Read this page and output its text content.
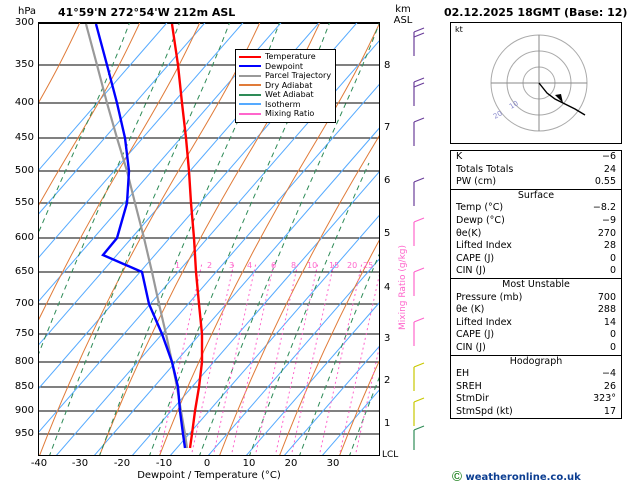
hPa 41°59'N 272°54'W 212m ASL	km
ASL
Temperature
Dewpoint
Parcel Trajectory
Dry Adiabat
Wet Adiabat
Isotherm
Mixing Ratio
1	2 3 4 6 8 10 15 20 25
300
350
400
450
500
550
600
650
700
750
800
850
900
950
-40	-30	-20	-10	0	10	20	30
Dewpoint / Temperature (°C)
8
7
6
5
4
3
2
1
LCL
Mixing Ratio (g/kg)
02.12.2025 18GMT (Base: 12)
kt
10
20
K	−6
Totals Totals	24
PW (cm)	0.55
Surface
Temp (°C)	−8.2
Dewp (°C)	−9
θe(K)	270
Lifted Index	28
CAPE (J)	0
CIN (J)	0
Most Unstable
Pressure (mb)	700
θe (K)	288
Lifted Index	14
CAPE (J)	0
CIN (J)	0
Hodograph
EH	−4
SREH	26
StmDir	323°
StmSpd (kt)	17
Ⓒ weatheronline.co.uk
